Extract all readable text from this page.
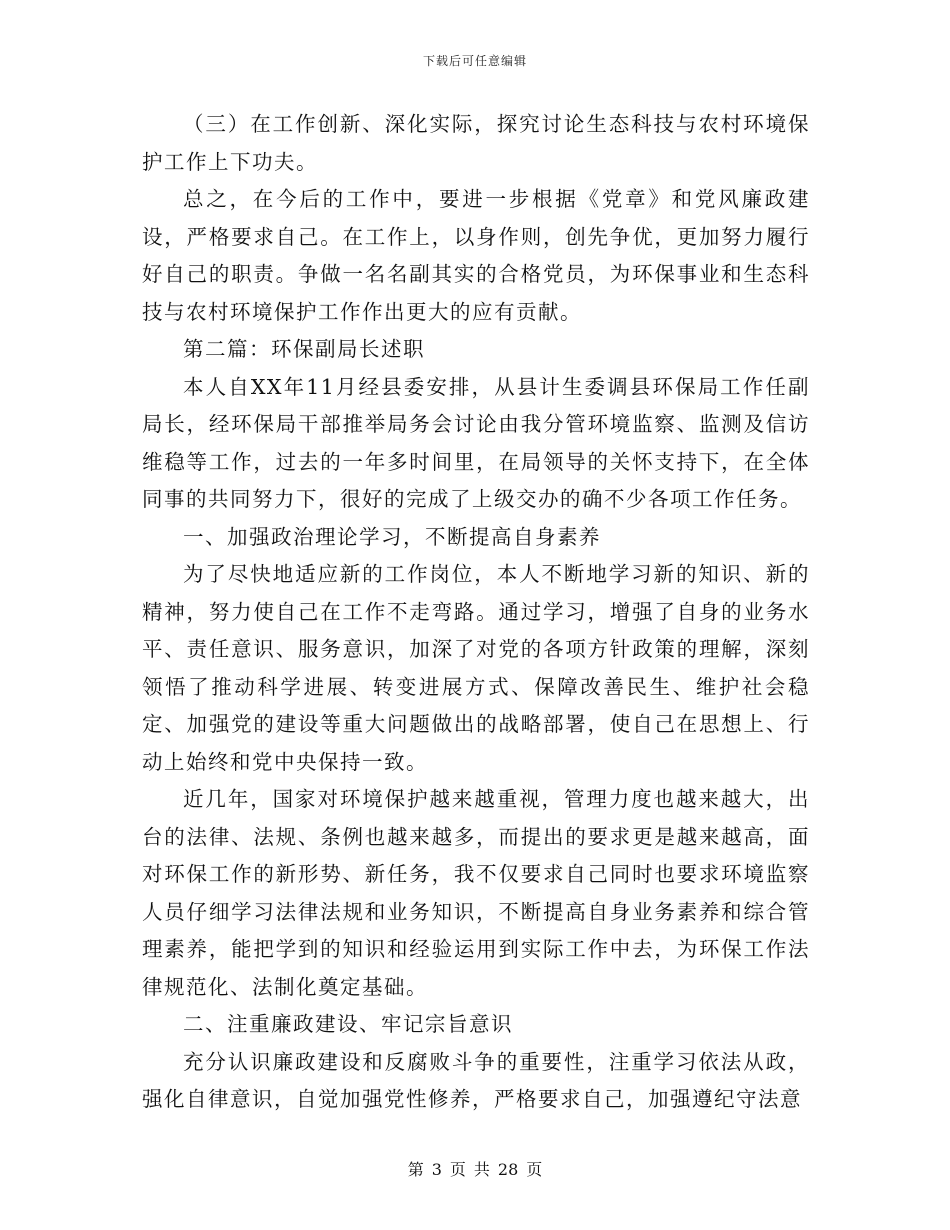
下载后可任意编辑

（三）在工作创新、深化实际，探究讨论生态科技与农村环境保护工作上下功夫。

总之，在今后的工作中，要进一步根据《党章》和党风廉政建设，严格要求自己。在工作上，以身作则，创先争优，更加努力履行好自己的职责。争做一名名副其实的合格党员，为环保事业和生态科技与农村环境保护工作作出更大的应有贡献。

第二篇：环保副局长述职

本人自XX年11月经县委安排，从县计生委调县环保局工作任副局长，经环保局干部推举局务会讨论由我分管环境监察、监测及信访维稳等工作，过去的一年多时间里，在局领导的关怀支持下，在全体同事的共同努力下，很好的完成了上级交办的确不少各项工作任务。

一、加强政治理论学习，不断提高自身素养

为了尽快地适应新的工作岗位，本人不断地学习新的知识、新的精神，努力使自己在工作不走弯路。通过学习，增强了自身的业务水平、责任意识、服务意识，加深了对党的各项方针政策的理解，深刻领悟了推动科学进展、转变进展方式、保障改善民生、维护社会稳定、加强党的建设等重大问题做出的战略部署，使自己在思想上、行动上始终和党中央保持一致。

近几年，国家对环境保护越来越重视，管理力度也越来越大，出台的法律、法规、条例也越来越多，而提出的要求更是越来越高，面对环保工作的新形势、新任务，我不仅要求自己同时也要求环境监察人员仔细学习法律法规和业务知识，不断提高自身业务素养和综合管理素养，能把学到的知识和经验运用到实际工作中去，为环保工作法律规范化、法制化奠定基础。

二、注重廉政建设、牢记宗旨意识

充分认识廉政建设和反腐败斗争的重要性，注重学习依法从政，强化自律意识，自觉加强党性修养，严格要求自己，加强遵纪守法意

第 3 页 共 28 页
